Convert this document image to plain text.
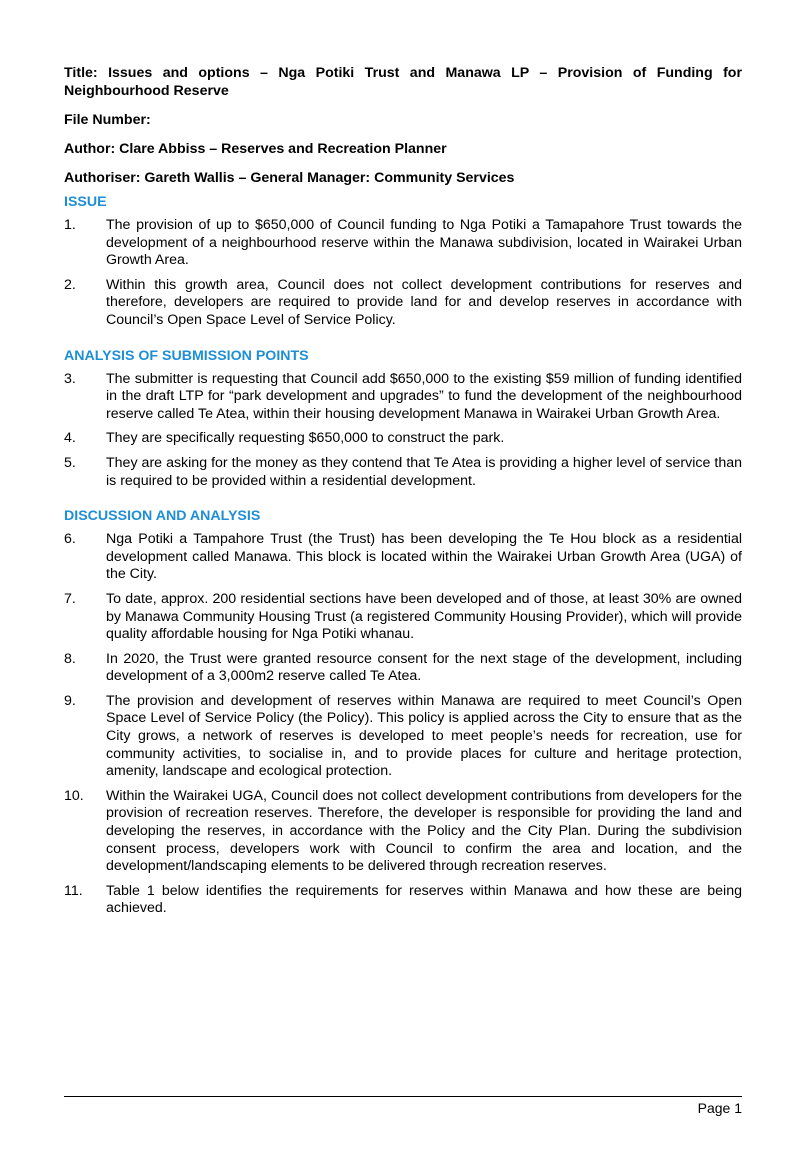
Title: Issues and options – Nga Potiki Trust and Manawa LP – Provision of Funding for Neighbourhood Reserve
File Number:
Author: Clare Abbiss – Reserves and Recreation Planner
Authoriser: Gareth Wallis – General Manager: Community Services
ISSUE
1.	The provision of up to $650,000 of Council funding to Nga Potiki a Tamapahore Trust towards the development of a neighbourhood reserve within the Manawa subdivision, located in Wairakei Urban Growth Area.
2.	Within this growth area, Council does not collect development contributions for reserves and therefore, developers are required to provide land for and develop reserves in accordance with Council’s Open Space Level of Service Policy.
ANALYSIS OF SUBMISSION POINTS
3.	The submitter is requesting that Council add $650,000 to the existing $59 million of funding identified in the draft LTP for “park development and upgrades” to fund the development of the neighbourhood reserve called Te Atea, within their housing development Manawa in Wairakei Urban Growth Area.
4.	They are specifically requesting $650,000 to construct the park.
5.	They are asking for the money as they contend that Te Atea is providing a higher level of service than is required to be provided within a residential development.
DISCUSSION AND ANALYSIS
6.	Nga Potiki a Tampahore Trust (the Trust) has been developing the Te Hou block as a residential development called Manawa. This block is located within the Wairakei Urban Growth Area (UGA) of the City.
7.	To date, approx. 200 residential sections have been developed and of those, at least 30% are owned by Manawa Community Housing Trust (a registered Community Housing Provider), which will provide quality affordable housing for Nga Potiki whanau.
8.	In 2020, the Trust were granted resource consent for the next stage of the development, including development of a 3,000m2 reserve called Te Atea.
9.	The provision and development of reserves within Manawa are required to meet Council’s Open Space Level of Service Policy (the Policy). This policy is applied across the City to ensure that as the City grows, a network of reserves is developed to meet people’s needs for recreation, use for community activities, to socialise in, and to provide places for culture and heritage protection, amenity, landscape and ecological protection.
10.	Within the Wairakei UGA, Council does not collect development contributions from developers for the provision of recreation reserves. Therefore, the developer is responsible for providing the land and developing the reserves, in accordance with the Policy and the City Plan. During the subdivision consent process, developers work with Council to confirm the area and location, and the development/landscaping elements to be delivered through recreation reserves.
11.	Table 1 below identifies the requirements for reserves within Manawa and how these are being achieved.
Page 1
